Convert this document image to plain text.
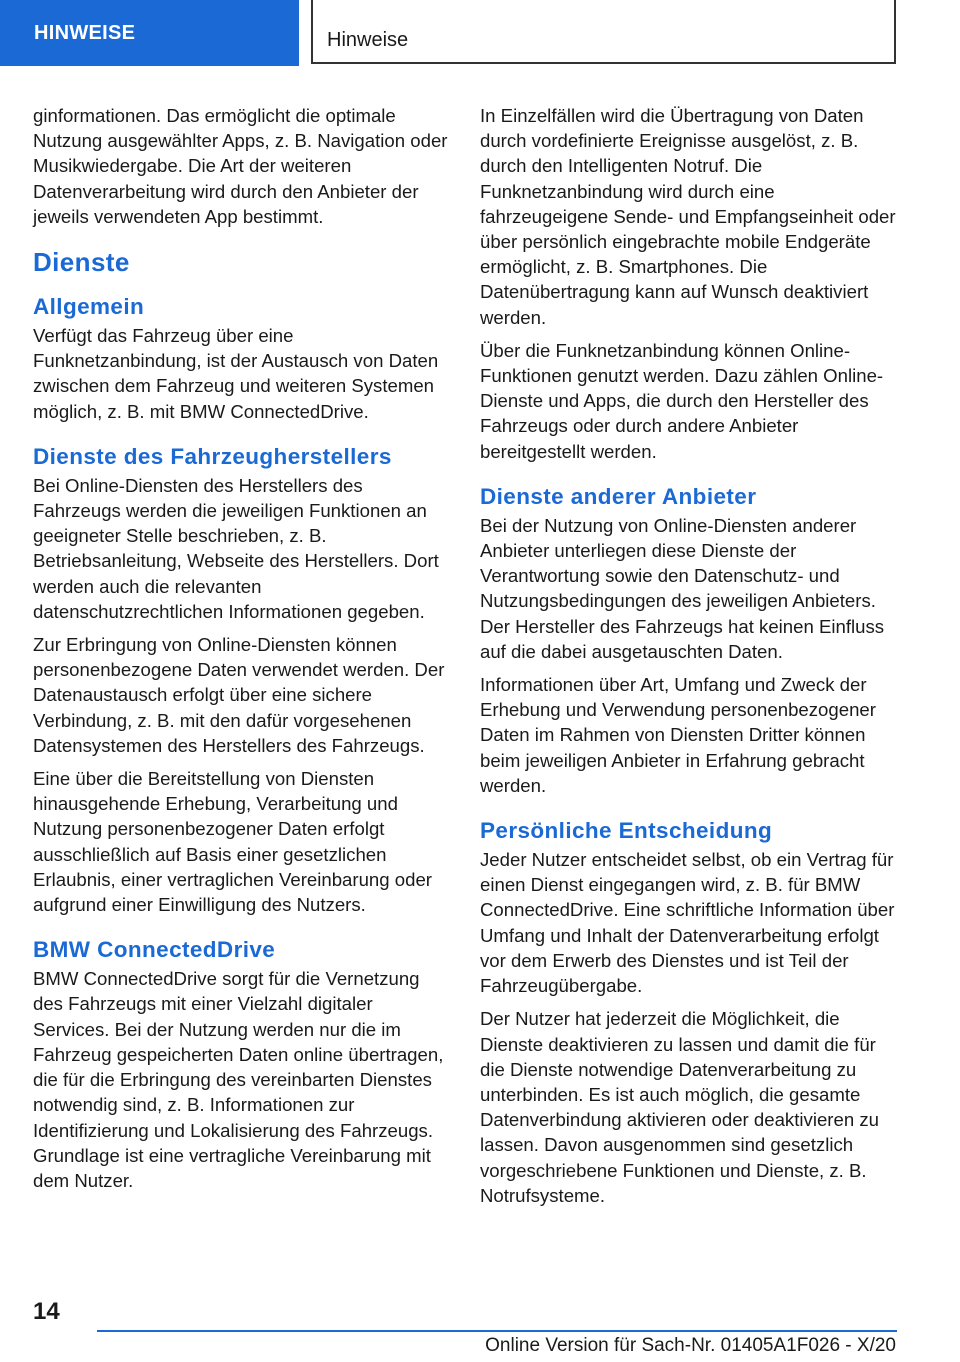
HINWEISE	Hinweise

ginformationen. Das ermöglicht die optimale Nutzung ausgewählter Apps, z. B. Navigation oder Musikwiedergabe. Die Art der weiteren Datenverarbeitung wird durch den Anbieter der jeweils verwendeten App bestimmt.

Dienste
Allgemein

Verfügt das Fahrzeug über eine Funknetzanbindung, ist der Austausch von Daten zwischen dem Fahrzeug und weiteren Systemen möglich, z. B. mit BMW ConnectedDrive.

Dienste des Fahrzeugherstellers

Bei Online-Diensten des Herstellers des Fahrzeugs werden die jeweiligen Funktionen an geeigneter Stelle beschrieben, z. B. Betriebsanleitung, Webseite des Herstellers. Dort werden auch die relevanten datenschutzrechtlichen Informationen gegeben.

Zur Erbringung von Online-Diensten können personenbezogene Daten verwendet werden. Der Datenaustausch erfolgt über eine sichere Verbindung, z. B. mit den dafür vorgesehenen Datensystemen des Herstellers des Fahrzeugs.

Eine über die Bereitstellung von Diensten hinausgehende Erhebung, Verarbeitung und Nutzung personenbezogener Daten erfolgt ausschließlich auf Basis einer gesetzlichen Erlaubnis, einer vertraglichen Vereinbarung oder aufgrund einer Einwilligung des Nutzers.

BMW ConnectedDrive

BMW ConnectedDrive sorgt für die Vernetzung des Fahrzeugs mit einer Vielzahl digitaler Services. Bei der Nutzung werden nur die im Fahrzeug gespeicherten Daten online übertragen, die für die Erbringung des vereinbarten Dienstes notwendig sind, z. B. Informationen zur Identifizierung und Lokalisierung des Fahrzeugs. Grundlage ist eine vertragliche Vereinbarung mit dem Nutzer.

In Einzelfällen wird die Übertragung von Daten durch vordefinierte Ereignisse ausgelöst, z. B. durch den Intelligenten Notruf. Die Funknetzanbindung wird durch eine fahrzeugeigene Sende- und Empfangseinheit oder über persönlich eingebrachte mobile Endgeräte ermöglicht, z. B. Smartphones. Die Datenübertragung kann auf Wunsch deaktiviert werden.

Über die Funknetzanbindung können Online-Funktionen genutzt werden. Dazu zählen Online-Dienste und Apps, die durch den Hersteller des Fahrzeugs oder durch andere Anbieter bereitgestellt werden.

Dienste anderer Anbieter

Bei der Nutzung von Online-Diensten anderer Anbieter unterliegen diese Dienste der Verantwortung sowie den Datenschutz- und Nutzungsbedingungen des jeweiligen Anbieters. Der Hersteller des Fahrzeugs hat keinen Einfluss auf die dabei ausgetauschten Daten.

Informationen über Art, Umfang und Zweck der Erhebung und Verwendung personenbezogener Daten im Rahmen von Diensten Dritter können beim jeweiligen Anbieter in Erfahrung gebracht werden.

Persönliche Entscheidung

Jeder Nutzer entscheidet selbst, ob ein Vertrag für einen Dienst eingegangen wird, z. B. für BMW ConnectedDrive. Eine schriftliche Information über Umfang und Inhalt der Datenverarbeitung erfolgt vor dem Erwerb des Dienstes und ist Teil der Fahrzeugübergabe.

Der Nutzer hat jederzeit die Möglichkeit, die Dienste deaktivieren zu lassen und damit die für die Dienste notwendige Datenverarbeitung zu unterbinden. Es ist auch möglich, die gesamte Datenverbindung aktivieren oder deaktivieren zu lassen. Davon ausgenommen sind gesetzlich vorgeschriebene Funktionen und Dienste, z. B. Notrufsysteme.

14
Online Version für Sach-Nr. 01405A1F026 - X/20
